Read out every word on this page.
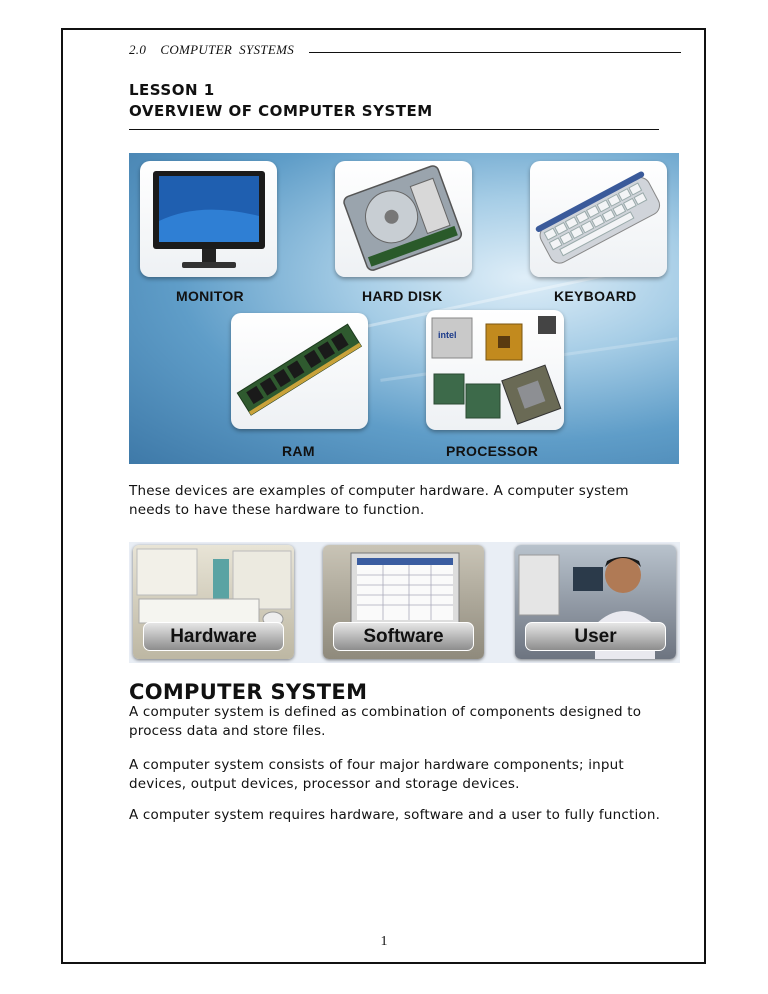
2.0    COMPUTER  SYSTEMS
LESSON 1
OVERVIEW OF COMPUTER SYSTEM
MONITOR	HARD DISK	KEYBOARD
RAM
intel
PROCESSOR
These devices are examples of computer hardware. A computer system
needs to have these hardware to function.
Hardware	Software	User
COMPUTER SYSTEM
A computer system is defined as combination of components designed to
process data and store files.
A computer system consists of four major hardware components; input
devices, output devices, processor and storage devices.
A computer system requires hardware, software and a user to fully function.
1
